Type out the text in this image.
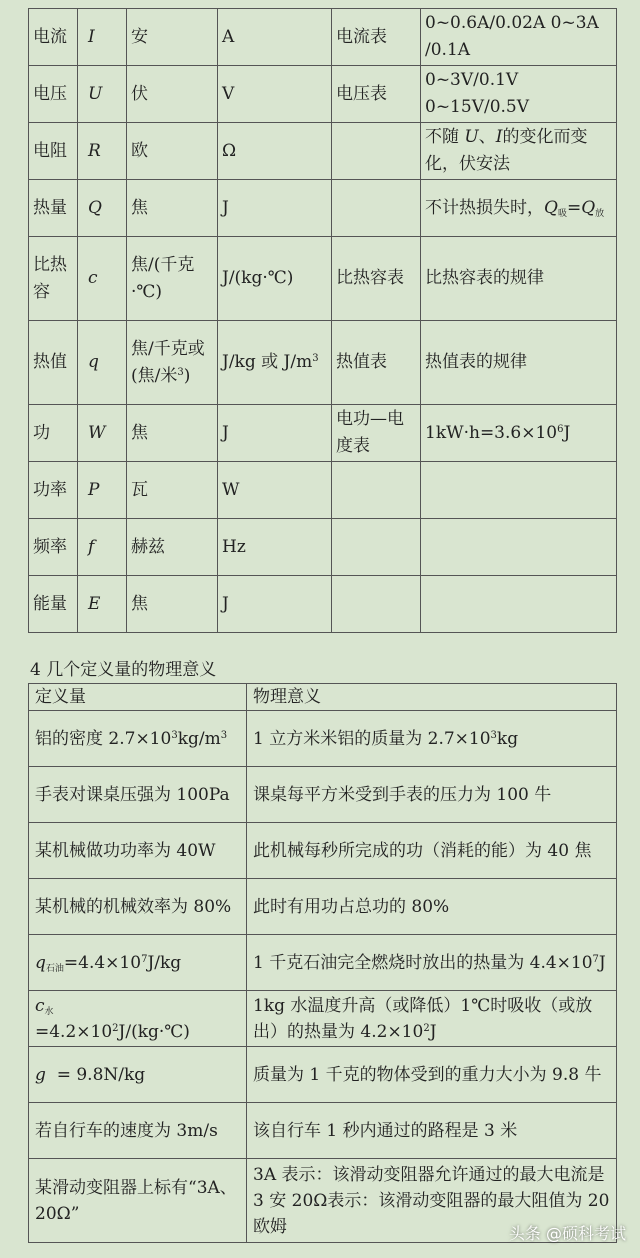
电流	I	安	A	电流表	0~0.6A/0.02A 0~3A /0.1A
电压	U	伏	V	电压表	0~3V/0.1V 0~15V/0.5V
电阻	R	欧	Ω		不随 U、I的变化而变化，伏安法
热量	Q	焦	J		不计热损失时，$Q_吸=Q_放$
比热容	c	焦/(千克·℃)	J/(kg·℃)	比热容表	比热容表的规律
热值	q	焦/千克或(焦/米$^3$)	J/kg 或 $J/m^3$	热值表	热值表的规律
功	W	焦	J	电功—电度表	$1kW\cdot h=3.6\times 10^6J$
功率	P	瓦	W		
频率	f	赫兹	Hz		
能量	E	焦	J		
4 几个定义量的物理意义
定义量	物理意义
铝的密度 $2.7\times 10^3kg/m^3$	1 立方米米铝的质量为 $2.7\times 10^3kg$
手表对课桌压强为 100Pa	课桌每平方米受到手表的压力为 100 牛
某机械做功功率为 40W	此机械每秒所完成的功（消耗的能）为 40 焦
某机械的机械效率为 80%	此时有用功占总功的 80%
$q_{石油}=4.4\times 10^7J/kg$	1 千克石油完全燃烧时放出的热量为 $4.4\times 10^7J$
$c_水$
$=4.2\times 10^2J/(kg\cdot℃)$	1kg 水温度升高（或降低）1℃时吸收（或放出）的热量为 $4.2\times 10^2J$
g = 9.8N/kg	质量为 1 千克的物体受到的重力大小为 9.8 牛
若自行车的速度为 3m/s	该自行车 1 秒内通过的路程是 3 米
某滑动变阻器上标有“3A、20Ω”	3A 表示：该滑动变阻器允许通过的最大电流是 3 安 20Ω表示：该滑动变阻器的最大阻值为 20 欧姆	头条 @硕科考试
